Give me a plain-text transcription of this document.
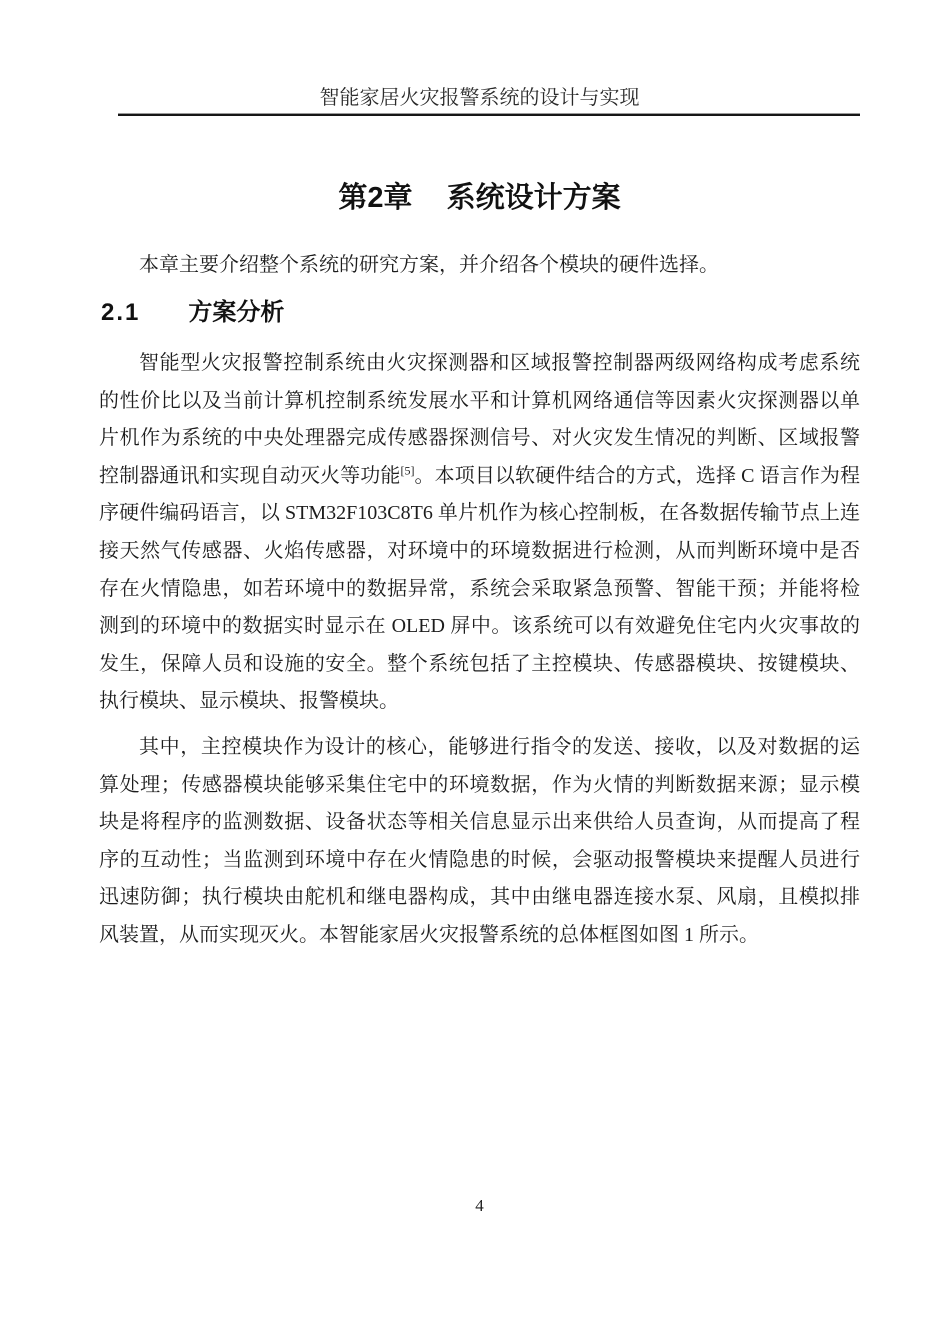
智能家居火灾报警系统的设计与实现
第2章 系统设计方案

本章主要介绍整个系统的研究方案，并介绍各个模块的硬件选择。

2.1 方案分析
智能型火灾报警控制系统由火灾探测器和区域报警控制器两级网络构成考虑系统
的性价比以及当前计算机控制系统发展水平和计算机网络通信等因素火灾探测器以单
片机作为系统的中央处理器完成传感器探测信号、对火灾发生情况的判断、区域报警
控制器通讯和实现自动灭火等功能[5]。本项目以软硬件结合的方式，选择 C 语言作为程
序硬件编码语言，以 STM32F103C8T6 单片机作为核心控制板，在各数据传输节点上连
接天然气传感器、火焰传感器，对环境中的环境数据进行检测，从而判断环境中是否
存在火情隐患，如若环境中的数据异常，系统会采取紧急预警、智能干预；并能将检
测到的环境中的数据实时显示在 OLED 屏中。该系统可以有效避免住宅内火灾事故的
发生，保障人员和设施的安全。整个系统包括了主控模块、传感器模块、按键模块、
执行模块、显示模块、报警模块。
其中，主控模块作为设计的核心，能够进行指令的发送、接收，以及对数据的运
算处理；传感器模块能够采集住宅中的环境数据，作为火情的判断数据来源；显示模
块是将程序的监测数据、设备状态等相关信息显示出来供给人员查询，从而提高了程
序的互动性；当监测到环境中存在火情隐患的时候，会驱动报警模块来提醒人员进行
迅速防御；执行模块由舵机和继电器构成，其中由继电器连接水泵、风扇，且模拟排
风装置，从而实现灭火。本智能家居火灾报警系统的总体框图如图 1 所示。
4
